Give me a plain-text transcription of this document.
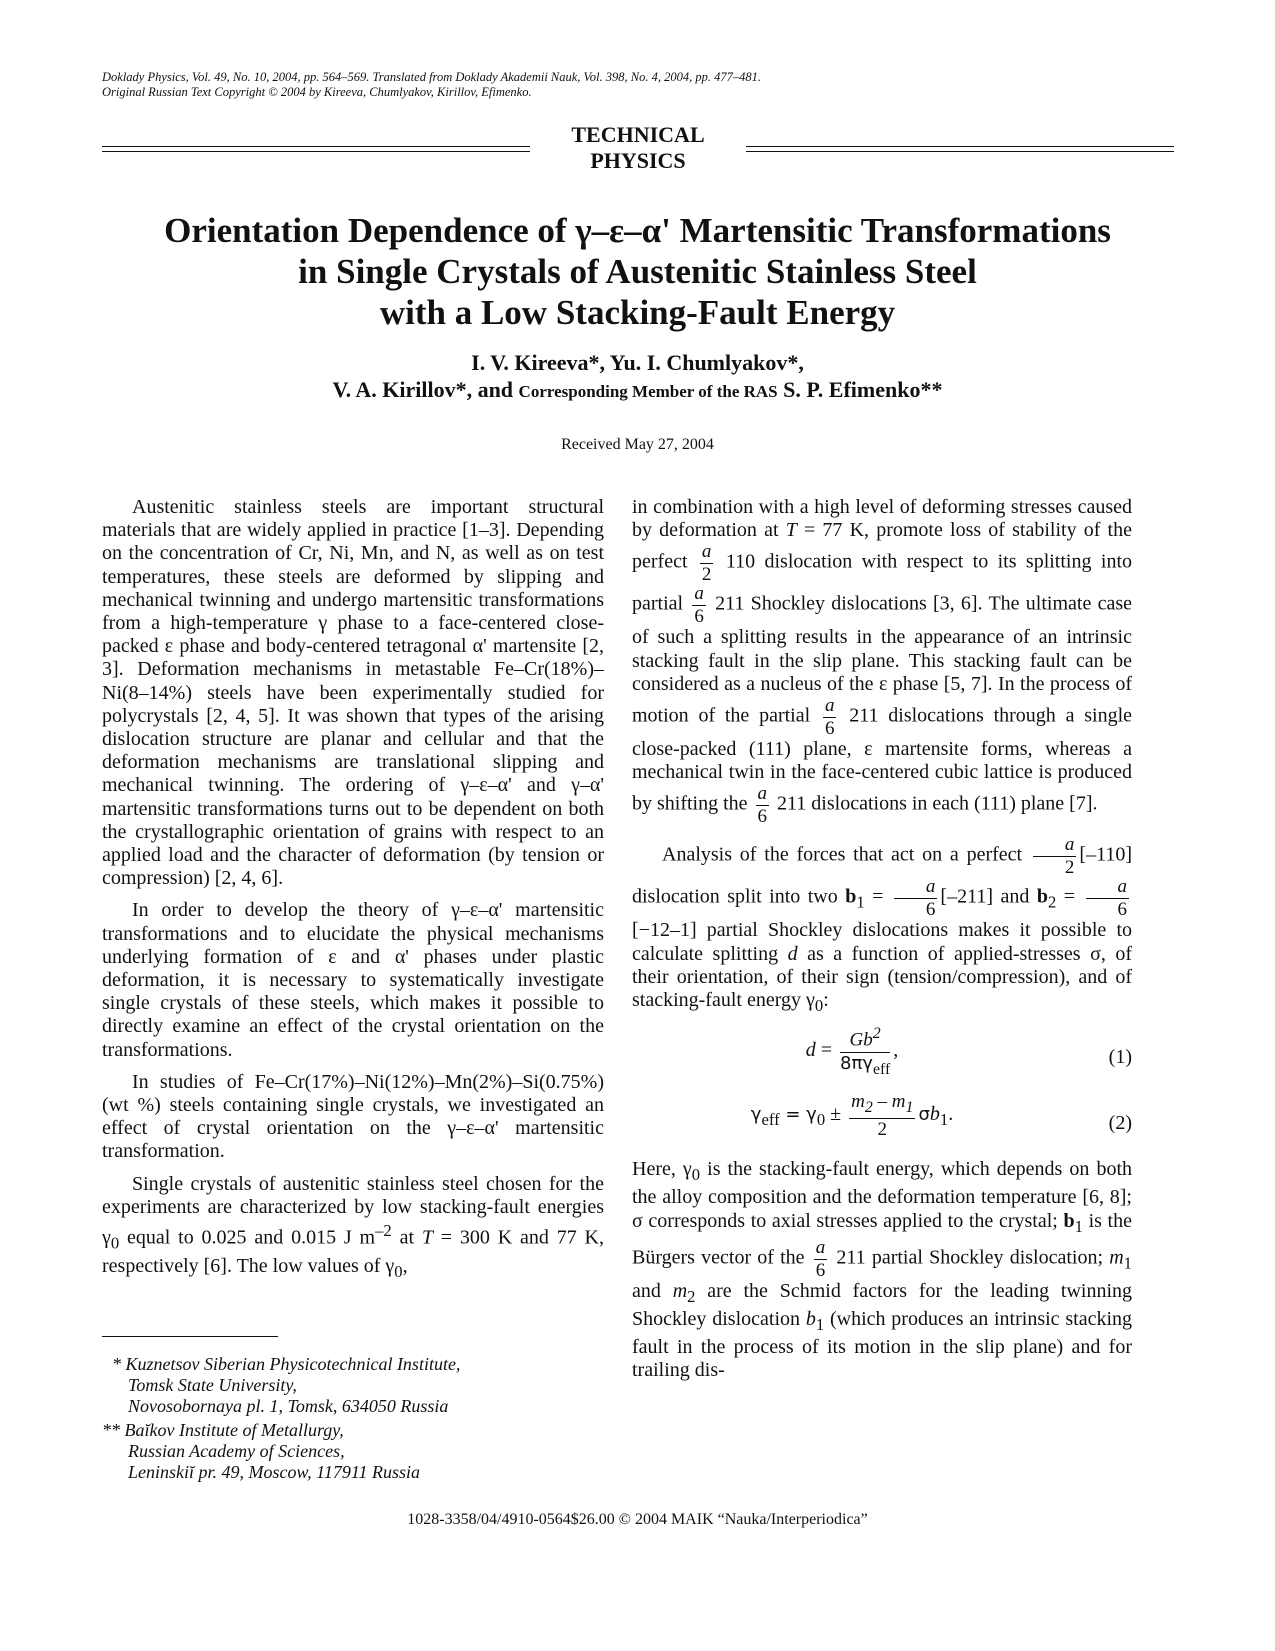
Doklady Physics, Vol. 49, No. 10, 2004, pp. 564–569. Translated from Doklady Akademii Nauk, Vol. 398, No. 4, 2004, pp. 477–481.
Original Russian Text Copyright © 2004 by Kireeva, Chumlyakov, Kirillov, Efimenko.
TECHNICAL
PHYSICS
Orientation Dependence of γ–ε–α' Martensitic Transformations
in Single Crystals of Austenitic Stainless Steel
with a Low Stacking-Fault Energy
I. V. Kireeva*, Yu. I. Chumlyakov*,
V. A. Kirillov*, and Corresponding Member of the RAS S. P. Efimenko**
Received May 27, 2004

Austenitic stainless steels are important structural materials that are widely applied in practice [1–3]. Depending on the concentration of Cr, Ni, Mn, and N, as well as on test temperatures, these steels are deformed by slipping and mechanical twinning and undergo martensitic transformations from a high-temperature γ phase to a face-centered close-packed ε phase and body-centered tetragonal α' martensite [2, 3]. Deformation mechanisms in metastable Fe–Cr(18%)–Ni(8–14%) steels have been experimentally studied for polycrystals [2, 4, 5]. It was shown that types of the arising dislocation structure are planar and cellular and that the deformation mechanisms are translational slipping and mechanical twinning. The ordering of γ–ε–α' and γ–α' martensitic transformations turns out to be dependent on both the crystallographic orientation of grains with respect to an applied load and the character of deformation (by tension or compression) [2, 4, 6].

In order to develop the theory of γ–ε–α' martensitic transformations and to elucidate the physical mechanisms underlying formation of ε and α' phases under plastic deformation, it is necessary to systematically investigate single crystals of these steels, which makes it possible to directly examine an effect of the crystal orientation on the transformations.

In studies of Fe–Cr(17%)–Ni(12%)–Mn(2%)–Si(0.75%) (wt %) steels containing single crystals, we investigated an effect of crystal orientation on the γ–ε–α' martensitic transformation.

Single crystals of austenitic stainless steel chosen for the experiments are characterized by low stacking-fault energies $\gamma_0$ equal to 0.025 and 0.015 J $m^{-2}$ at T = 300 K and 77 K, respectively [6]. The low values of $\gamma_0$,

in combination with a high level of deforming stresses caused by deformation at T = 77 K, promote loss of stability of the perfect $\frac{a}{2} 110$ dislocation with respect to its splitting into partial $\frac{a}{6} 211$ Shockley dislocations [3, 6]. The ultimate case of such a splitting results in the appearance of an intrinsic stacking fault in the slip plane. This stacking fault can be considered as a nucleus of the ε phase [5, 7]. In the process of motion of the partial $\frac{a}{6} 211$ dislocations through a single close-packed (111) plane, ε martensite forms, whereas a mechanical twin in the face-centered cubic lattice is produced by shifting the $\frac{a}{6} 211$ dislocations in each (111) plane [7].

Analysis of the forces that act on a perfect $\frac{a}{2} [-110]$ dislocation split into two $b_1 = \frac{a}{6} [-211]$ and $b_2 = \frac{a}{6}$
[−12–1] partial Shockley dislocations makes it possible to calculate splitting d as a function of applied-stresses σ, of their orientation, of their sign (tension/compression), and of stacking-fault energy $\gamma_0$:

$d = \frac{Gb^2}{8\pi\gamma_{eff}}$ ,	(1)
$\gamma_{eff} = \gamma_0 \pm \frac{m_2 - m_1}{2} \sigma b_1$.	(2)

Here, $\gamma_0$ is the stacking-fault energy, which depends on both the alloy composition and the deformation temperature [6, 8]; σ corresponds to axial stresses applied to the crystal; $b_1$ is the Bürgers vector of the $\frac{a}{6} 211$ partial Shockley dislocation; $m_1$ and $m_2$ are the Schmid factors for the leading twinning Shockley dislocation $b_1$ (which produces an intrinsic stacking fault in the process of its motion in the slip plane) and for trailing dis-

* Kuznetsov Siberian Physicotechnical Institute,
Tomsk State University,
Novosobornaya pl. 1, Tomsk, 634050 Russia
** Baĭkov Institute of Metallurgy,
Russian Academy of Sciences,
Leninskiĭ pr. 49, Moscow, 117911 Russia
1028-3358/04/4910-0564$26.00 © 2004 MAIK “Nauka/Interperiodica”
